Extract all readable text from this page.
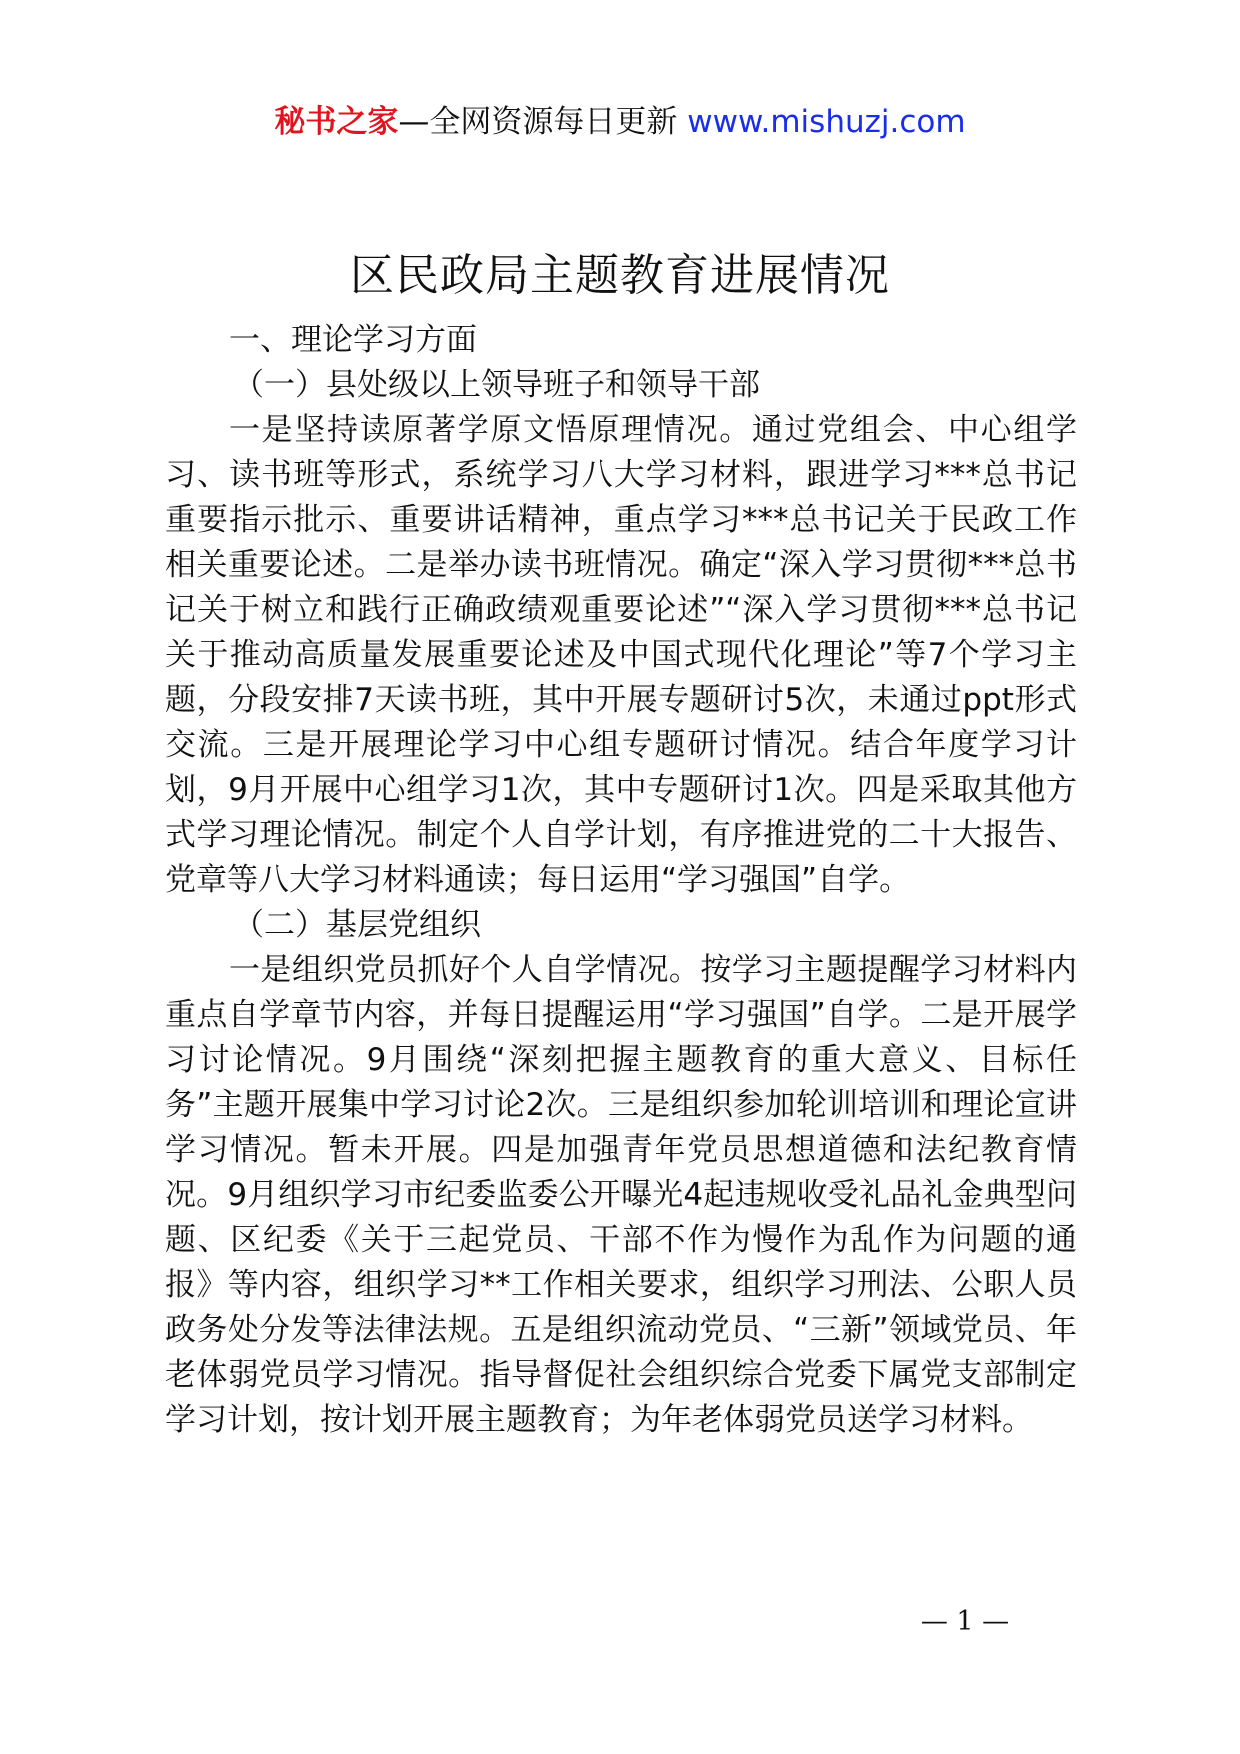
秘书之家—全网资源每日更新 www.mishuzj.com
区民政局主题教育进展情况

一、理论学习方面

（一）县处级以上领导班子和领导干部

一是坚持读原著学原文悟原理情况。通过党组会、中心组学习、读书班等形式，系统学习八大学习材料，跟进学习***总书记重要指示批示、重要讲话精神，重点学习***总书记关于民政工作相关重要论述。二是举办读书班情况。确定“深入学习贯彻***总书记关于树立和践行正确政绩观重要论述”“深入学习贯彻***总书记关于推动高质量发展重要论述及中国式现代化理论”等7个学习主题，分段安排7天读书班，其中开展专题研讨5次，未通过ppt形式交流。三是开展理论学习中心组专题研讨情况。结合年度学习计划，9月开展中心组学习1次，其中专题研讨1次。四是采取其他方式学习理论情况。制定个人自学计划，有序推进党的二十大报告、党章等八大学习材料通读；每日运用“学习强国”自学。

（二）基层党组织

一是组织党员抓好个人自学情况。按学习主题提醒学习材料内重点自学章节内容，并每日提醒运用“学习强国”自学。二是开展学习讨论情况。9月围绕“深刻把握主题教育的重大意义、目标任务”主题开展集中学习讨论2次。三是组织参加轮训培训和理论宣讲学习情况。暂未开展。四是加强青年党员思想道德和法纪教育情况。9月组织学习市纪委监委公开曝光4起违规收受礼品礼金典型问题、区纪委《关于三起党员、干部不作为慢作为乱作为问题的通报》等内容，组织学习**工作相关要求，组织学习刑法、公职人员政务处分发等法律法规。五是组织流动党员、“三新”领域党员、年老体弱党员学习情况。指导督促社会组织综合党委下属党支部制定学习计划，按计划开展主题教育；为年老体弱党员送学习材料。

— 1 —
